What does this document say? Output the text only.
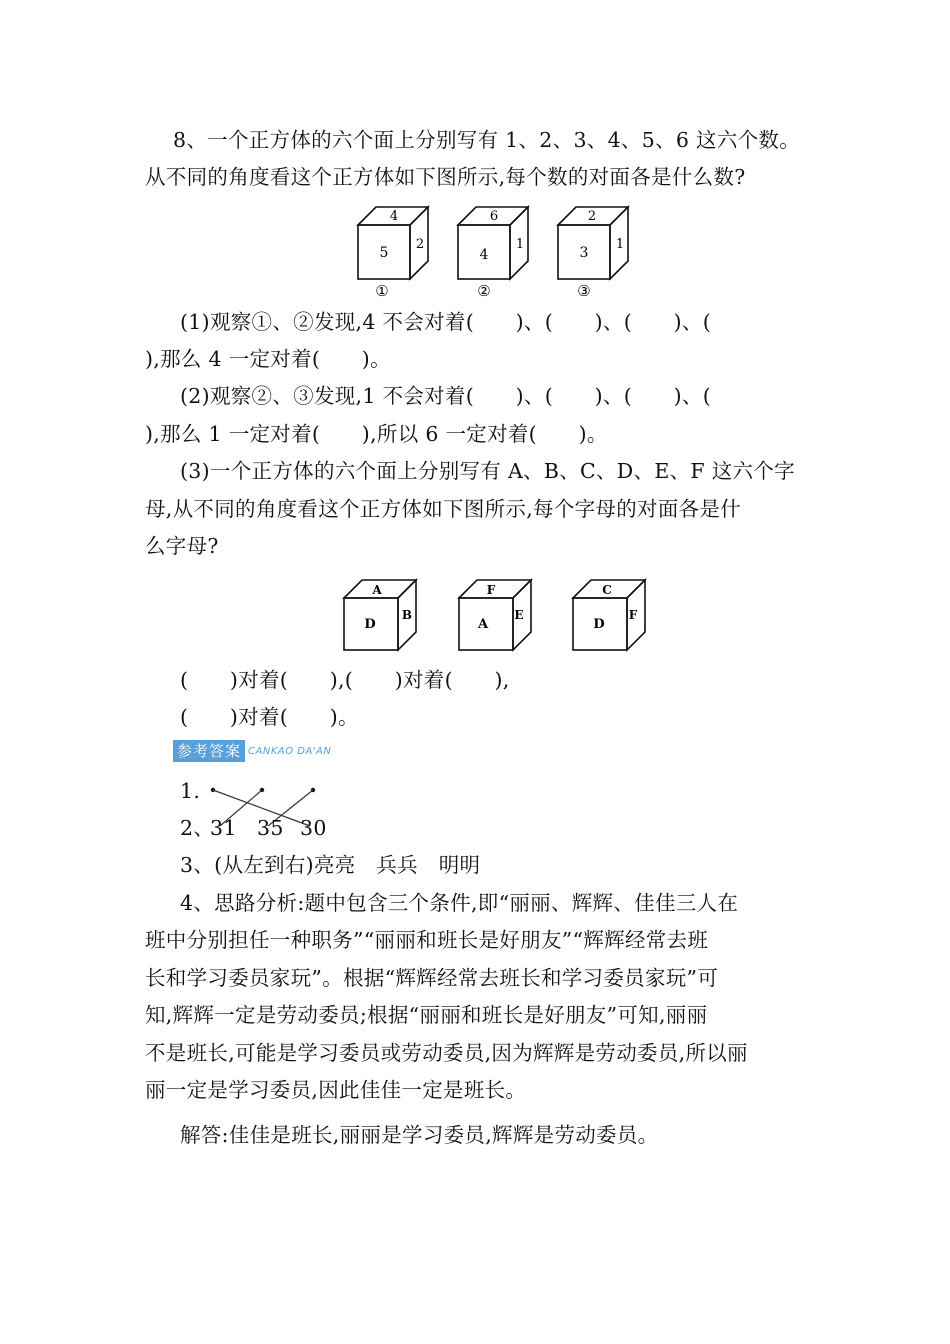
8、一个正方体的六个面上分别写有 1、2、3、4、5、6 这六个数。
从不同的角度看这个正方体如下图所示,每个数的对面各是什么数?
4
5
2
①
6
4
1
②
2
3
1
③
(1)观察①、②发现,4 不会对着(　　)、(　　)、(　　)、(
),那么 4 一定对着(　　)。
(2)观察②、③发现,1 不会对着(　　)、(　　)、(　　)、(
),那么 1 一定对着(　　),所以 6 一定对着(　　)。
(3)一个正方体的六个面上分别写有 A、B、C、D、E、F 这六个字
母,从不同的角度看这个正方体如下图所示,每个字母的对面各是什
么字母?
A
D
B
F
A
E
C
D
F
(　　)对着(　　),(　　)对着(　　),
(　　)对着(　　)。
参考答案 CANKAO DA'AN
1.
2、
31 35 30
3、(从左到右)亮亮　兵兵　明明
4、思路分析:题中包含三个条件,即“丽丽、辉辉、佳佳三人在
班中分别担任一种职务”“丽丽和班长是好朋友”“辉辉经常去班
长和学习委员家玩”。根据“辉辉经常去班长和学习委员家玩”可
知,辉辉一定是劳动委员;根据“丽丽和班长是好朋友”可知,丽丽
不是班长,可能是学习委员或劳动委员,因为辉辉是劳动委员,所以丽
丽一定是学习委员,因此佳佳一定是班长。
解答:佳佳是班长,丽丽是学习委员,辉辉是劳动委员。
